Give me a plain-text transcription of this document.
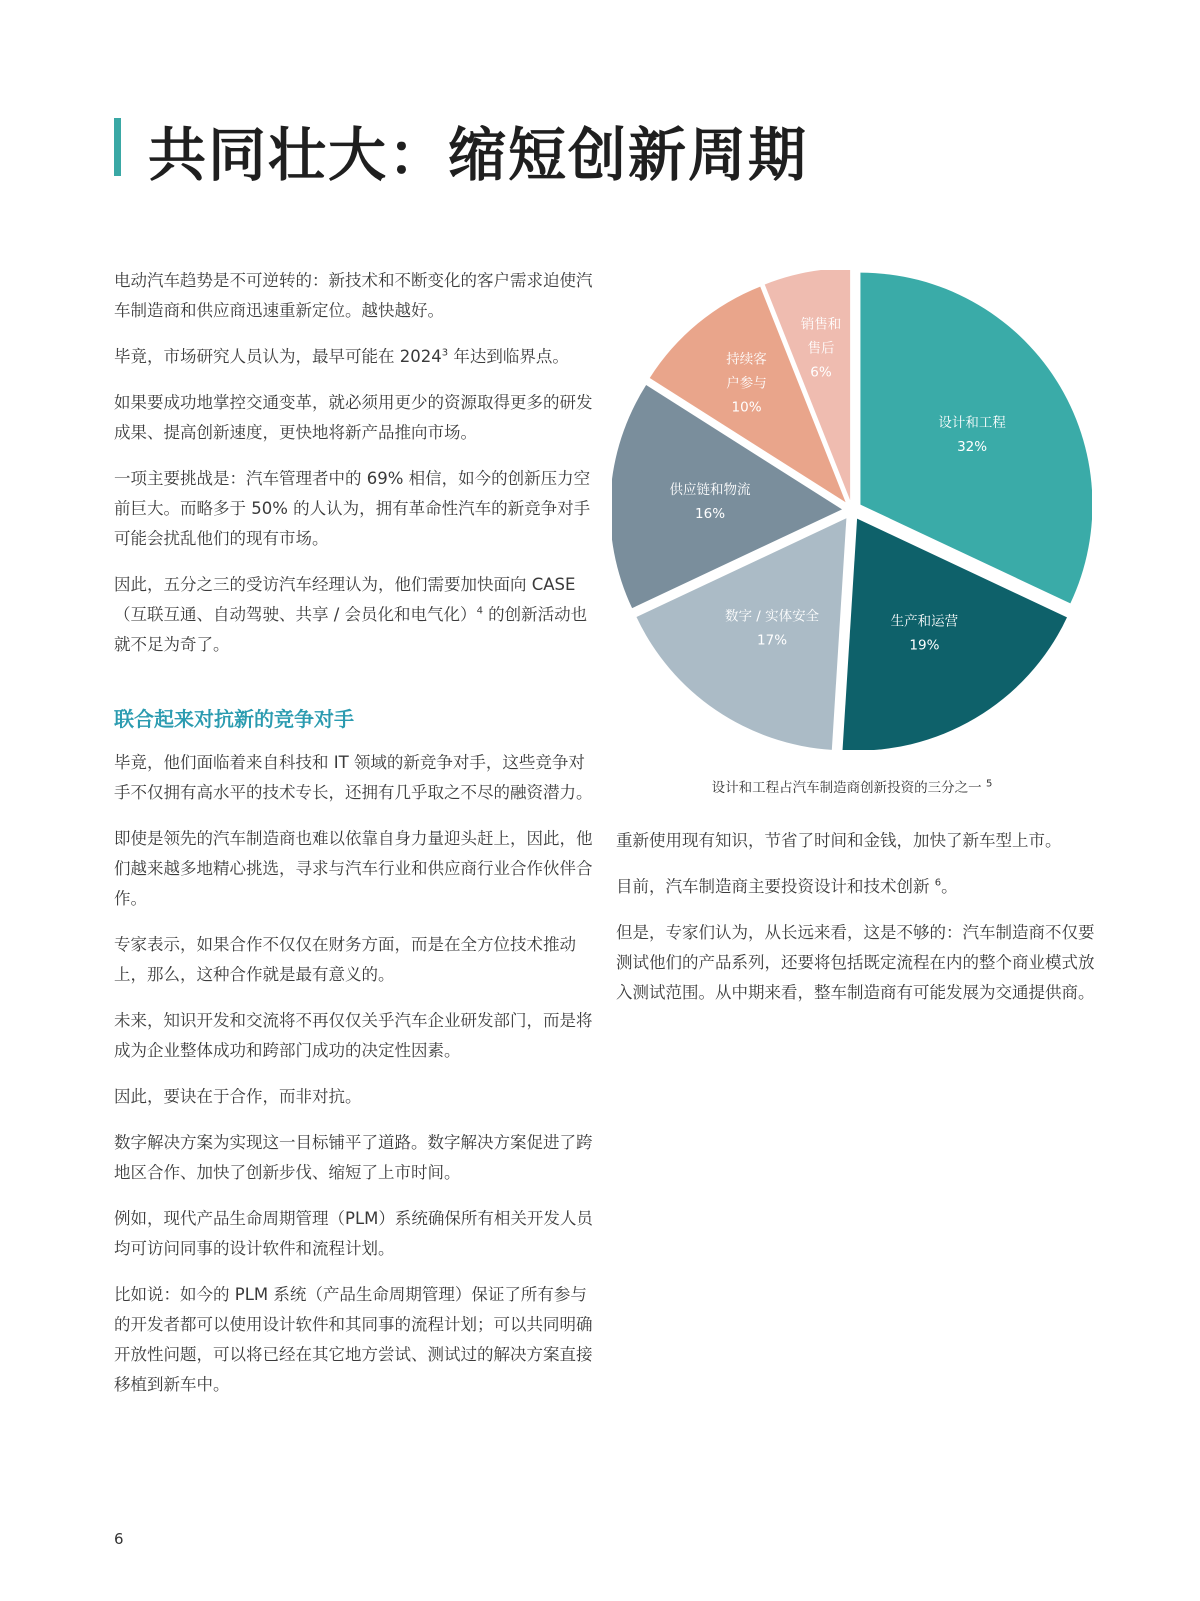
共同壮大：缩短创新周期

电动汽车趋势是不可逆转的：新技术和不断变化的客户需求迫使汽车制造商和供应商迅速重新定位。越快越好。

毕竟，市场研究人员认为，最早可能在 2024$^3$ 年达到临界点。

如果要成功地掌控交通变革，就必须用更少的资源取得更多的研发成果、提高创新速度，更快地将新产品推向市场。

一项主要挑战是：汽车管理者中的 69% 相信，如今的创新压力空前巨大。而略多于 50% 的人认为，拥有革命性汽车的新竞争对手可能会扰乱他们的现有市场。

因此，五分之三的受访汽车经理认为，他们需要加快面向 CASE（互联互通、自动驾驶、共享 / 会员化和电气化）$^4$ 的创新活动也就不足为奇了。

联合起来对抗新的竞争对手

毕竟，他们面临着来自科技和 IT 领域的新竞争对手，这些竞争对手不仅拥有高水平的技术专长，还拥有几乎取之不尽的融资潜力。

即使是领先的汽车制造商也难以依靠自身力量迎头赶上，因此，他们越来越多地精心挑选，寻求与汽车行业和供应商行业合作伙伴合作。

专家表示，如果合作不仅仅在财务方面，而是在全方位技术推动上，那么，这种合作就是最有意义的。

未来，知识开发和交流将不再仅仅关乎汽车企业研发部门，而是将成为企业整体成功和跨部门成功的决定性因素。

因此，要诀在于合作，而非对抗。

数字解决方案为实现这一目标铺平了道路。数字解决方案促进了跨地区合作、加快了创新步伐、缩短了上市时间。

例如，现代产品生命周期管理（PLM）系统确保所有相关开发人员均可访问同事的设计软件和流程计划。

比如说：如今的 PLM 系统（产品生命周期管理）保证了所有参与的开发者都可以使用设计软件和其同事的流程计划；可以共同明确开放性问题，可以将已经在其它地方尝试、测试过的解决方案直接移植到新车中。

设计和工程
32%
生产和运营
19%
数字 / 实体安全
17%
供应链和物流
16%
持续客
户参与
10%
销售和
售后
6%
设计和工程占汽车制造商创新投资的三分之一 $^5$

重新使用现有知识，节省了时间和金钱，加快了新车型上市。

目前，汽车制造商主要投资设计和技术创新 $^6$。

但是，专家们认为，从长远来看，这是不够的：汽车制造商不仅要测试他们的产品系列，还要将包括既定流程在内的整个商业模式放入测试范围。从中期来看，整车制造商有可能发展为交通提供商。

6
